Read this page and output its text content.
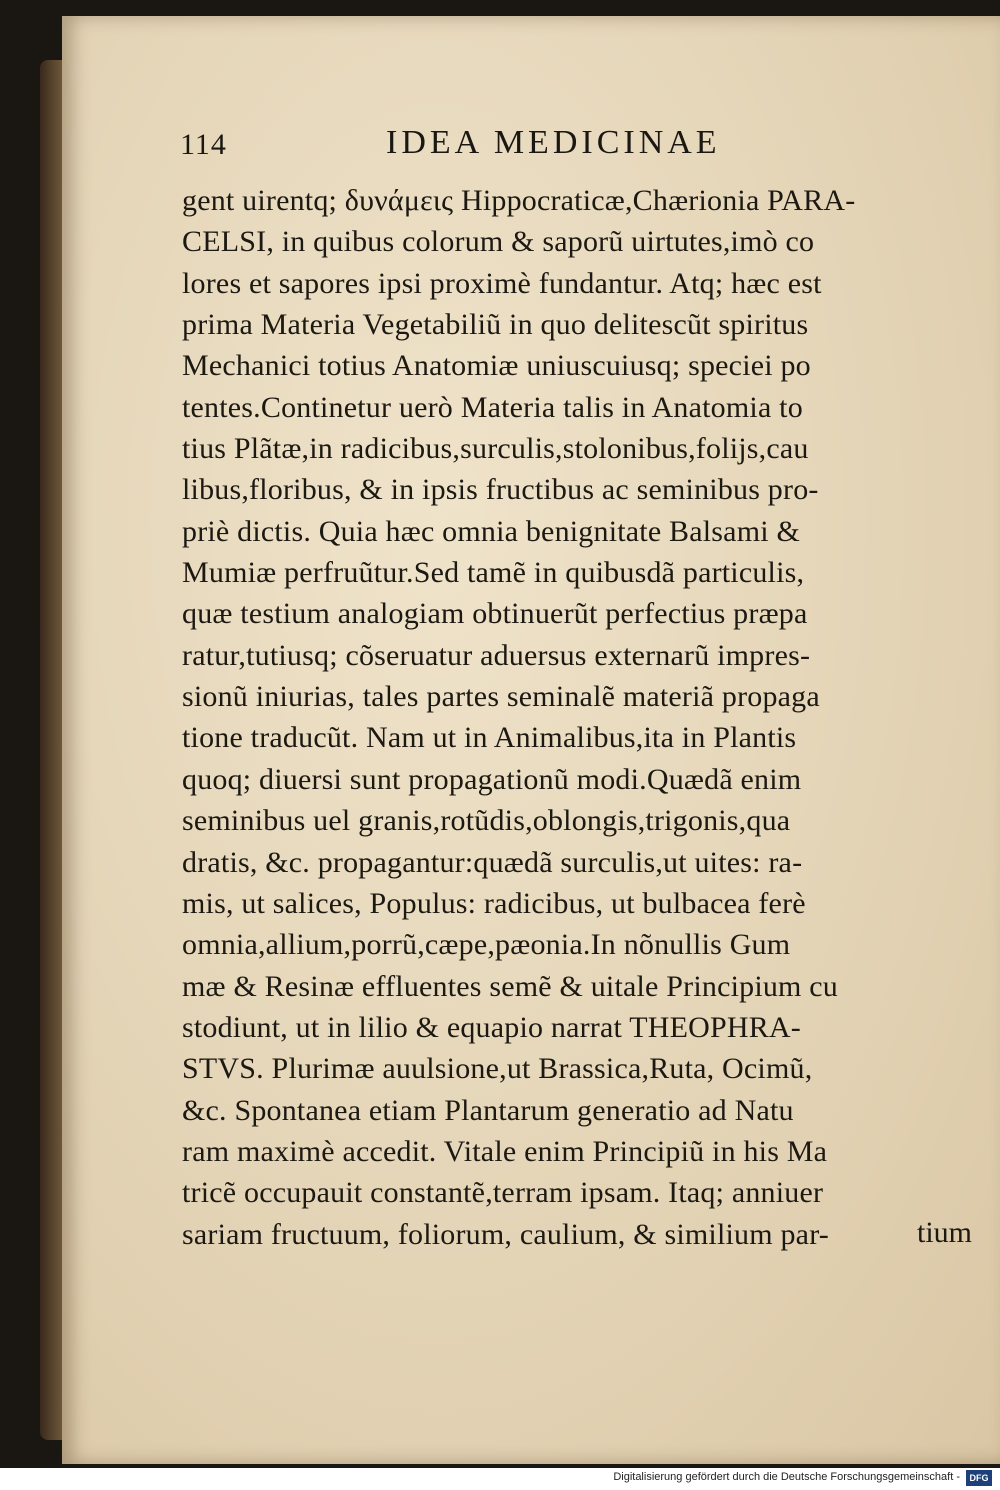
114	IDEA MEDICINAE
gent uirentq; δυνάμεις Hippocraticæ,Chærionia PARA-
CELSI, in quibus colorum & saporũ uirtutes,imò co
lores et sapores ipsi proximè fundantur. Atq; hæc est
prima Materia Vegetabiliũ in quo delitescũt spiritus
Mechanici totius Anatomiæ uniuscuiusq; speciei po
tentes.Continetur uerò Materia talis in Anatomia to
tius Plãtæ,in radicibus,surculis,stolonibus,folijs,cau
libus,floribus, & in ipsis fructibus ac seminibus pro-
priè dictis. Quia hæc omnia benignitate Balsami &
Mumiæ perfruũtur.Sed tamẽ in quibusdã particulis,
quæ testium analogiam obtinuerũt perfectius præpa
ratur,tutiusq; cõseruatur aduersus externarũ impres-
sionũ iniurias, tales partes seminalẽ materiã propaga
tione traducũt. Nam ut in Animalibus,ita in Plantis
quoq; diuersi sunt propagationũ modi.Quædã enim
seminibus uel granis,rotũdis,oblongis,trigonis,qua
dratis, &c. propagantur:quædã surculis,ut uites: ra-
mis, ut salices, Populus: radicibus, ut bulbacea ferè
omnia,allium,porrũ,cæpe,pæonia.In nõnullis Gum
mæ & Resinæ effluentes semẽ & uitale Principium cu
stodiunt, ut in lilio & equapio narrat THEOPHRA-
STVS. Plurimæ auulsione,ut Brassica,Ruta, Ocimũ,
&c. Spontanea etiam Plantarum generatio ad Natu
ram maximè accedit. Vitale enim Principiũ in his Ma
tricẽ occupauit constantẽ,terram ipsam. Itaq; anniuer
sariam fructuum, foliorum, caulium, & similium par-	tium
Digitalisierung gefördert durch die Deutsche Forschungsgemeinschaft -	DFG
